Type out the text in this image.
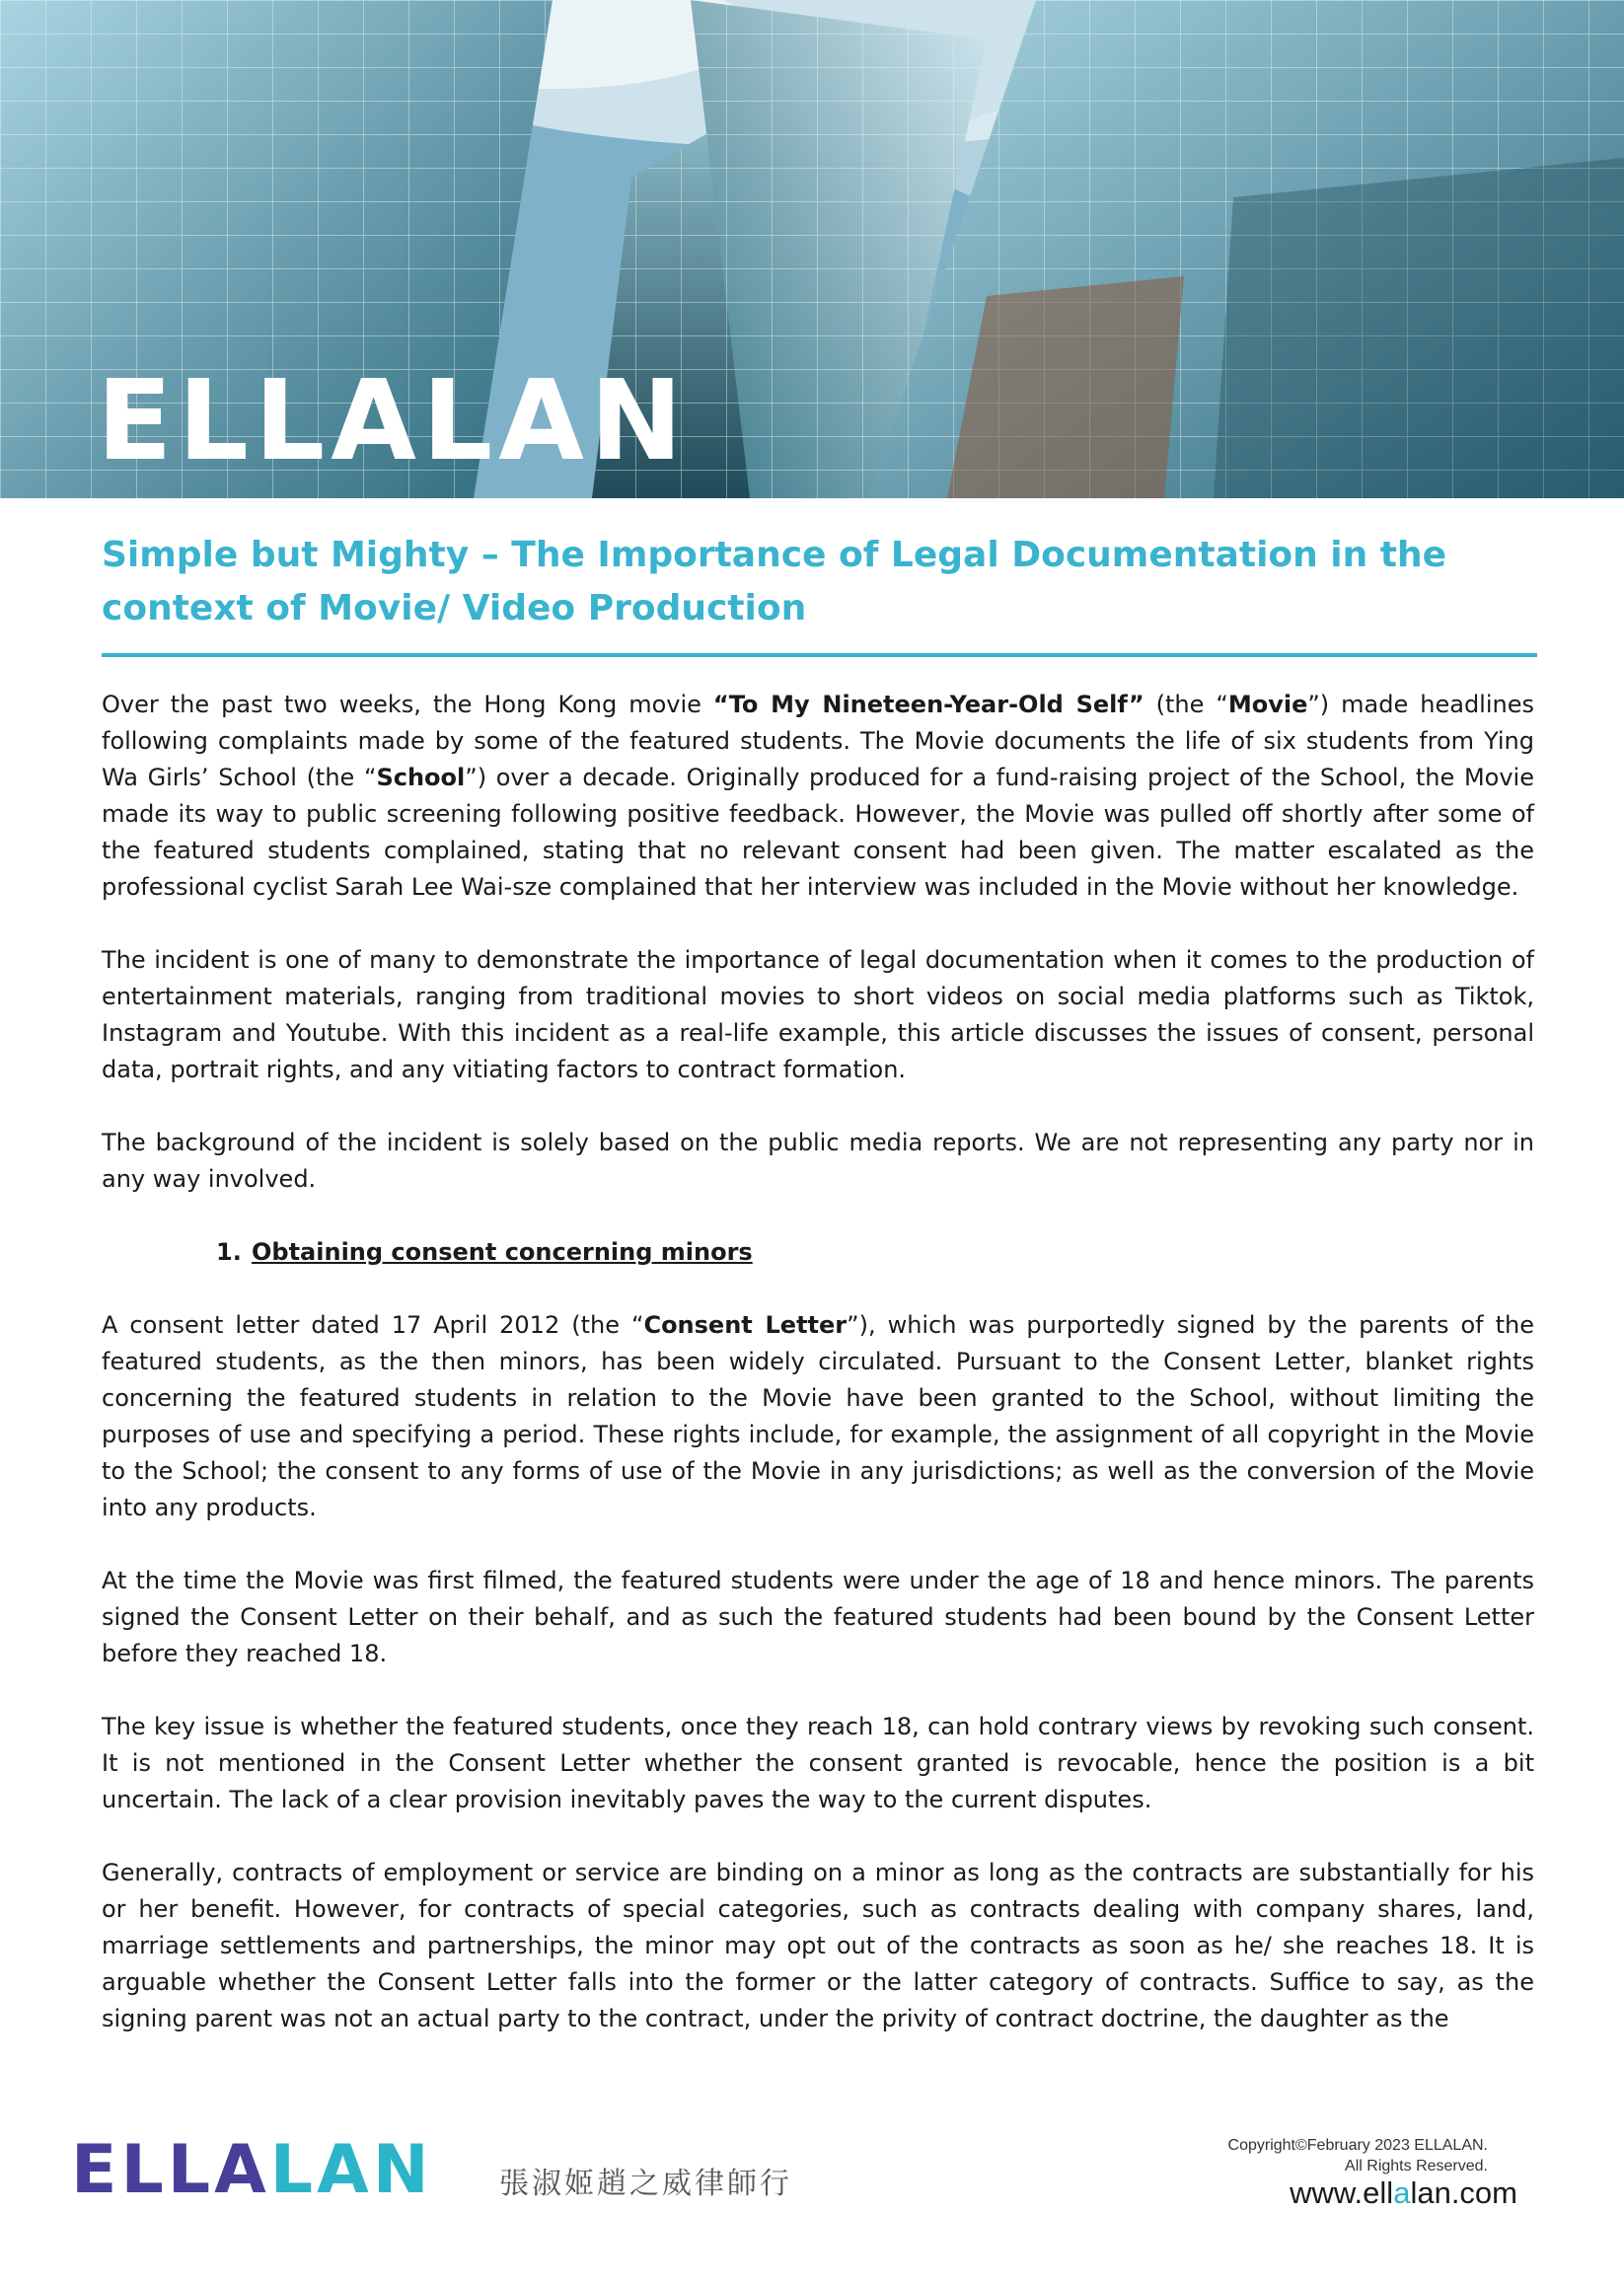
ELLALAN
Simple but Mighty – The Importance of Legal Documentation in the context of Movie/ Video Production

Over the past two weeks, the Hong Kong movie “To My Nineteen-Year-Old Self” (the “Movie”) made headlines following complaints made by some of the featured students. The Movie documents the life of six students from Ying Wa Girls’ School (the “School”) over a decade. Originally produced for a fund-raising project of the School, the Movie made its way to public screening following positive feedback. However, the Movie was pulled off shortly after some of the featured students complained, stating that no relevant consent had been given. The matter escalated as the professional cyclist Sarah Lee Wai-sze complained that her interview was included in the Movie without her knowledge.

The incident is one of many to demonstrate the importance of legal documentation when it comes to the production of entertainment materials, ranging from traditional movies to short videos on social media platforms such as Tiktok, Instagram and Youtube. With this incident as a real-life example, this article discusses the issues of consent, personal data, portrait rights, and any vitiating factors to contract formation.

The background of the incident is solely based on the public media reports. We are not representing any party nor in any way involved.

1. Obtaining consent concerning minors

A consent letter dated 17 April 2012 (the “Consent Letter”), which was purportedly signed by the parents of the featured students, as the then minors, has been widely circulated. Pursuant to the Consent Letter, blanket rights concerning the featured students in relation to the Movie have been granted to the School, without limiting the purposes of use and specifying a period. These rights include, for example, the assignment of all copyright in the Movie to the School; the consent to any forms of use of the Movie in any jurisdictions; as well as the conversion of the Movie into any products.

At the time the Movie was first filmed, the featured students were under the age of 18 and hence minors. The parents signed the Consent Letter on their behalf, and as such the featured students had been bound by the Consent Letter before they reached 18.

The key issue is whether the featured students, once they reach 18, can hold contrary views by revoking such consent. It is not mentioned in the Consent Letter whether the consent granted is revocable, hence the position is a bit uncertain. The lack of a clear provision inevitably paves the way to the current disputes.

Generally, contracts of employment or service are binding on a minor as long as the contracts are substantially for his or her benefit. However, for contracts of special categories, such as contracts dealing with company shares, land, marriage settlements and partnerships, the minor may opt out of the contracts as soon as he/ she reaches 18. It is arguable whether the Consent Letter falls into the former or the latter category of contracts. Suffice to say, as the signing parent was not an actual party to the contract, under the privity of contract doctrine, the daughter as the

ELLALAN 張淑姬趙之威律師行
Copyright©February 2023 ELLALAN.
All Rights Reserved.
www.ellalan.com
